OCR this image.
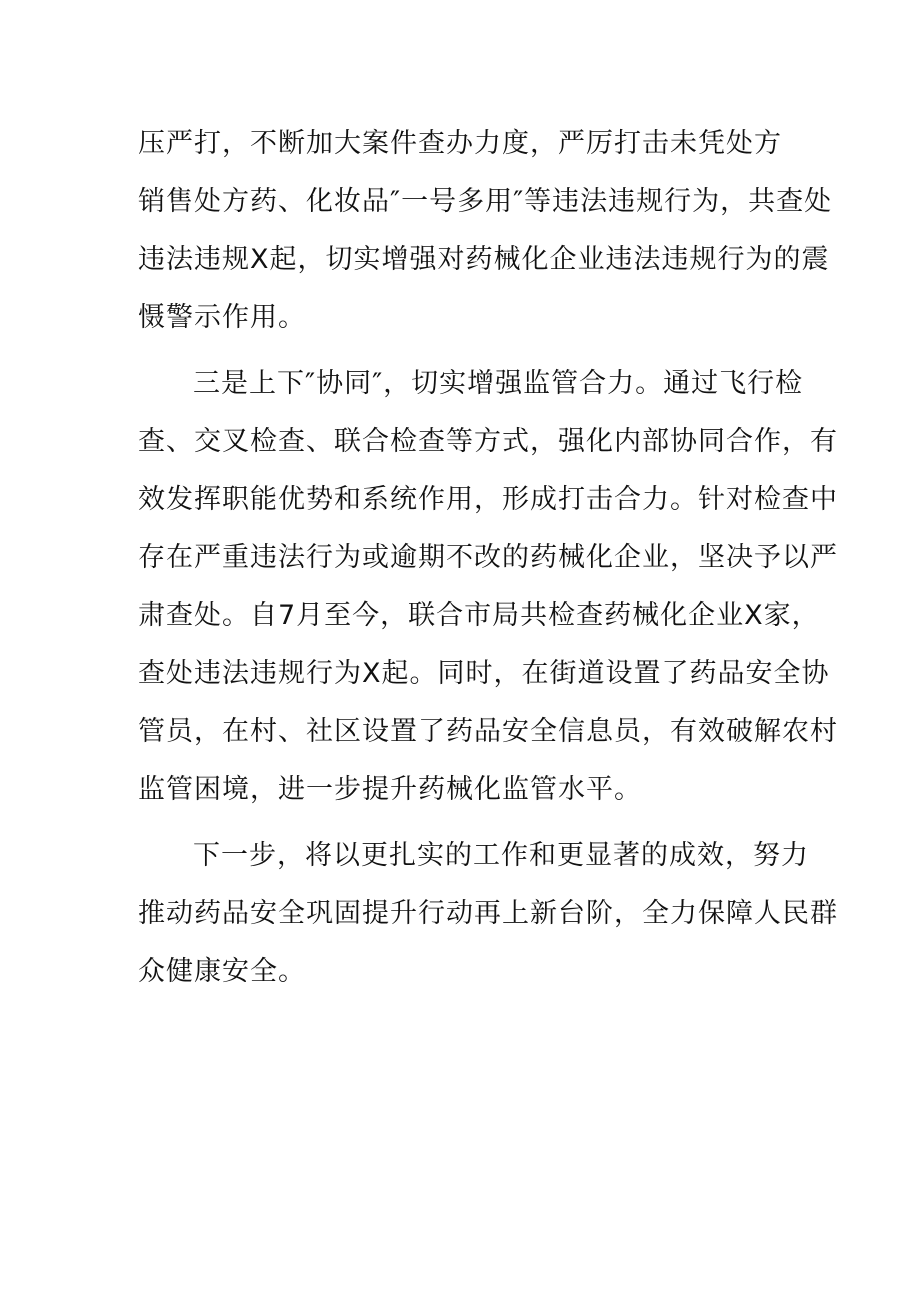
压严打，不断加大案件查办力度，严厉打击未凭处方
销售处方药、化妆品″一号多用″等违法违规行为，共查处
违法违规X起，切实增强对药械化企业违法违规行为的震
慑警示作用。
三是上下″协同″，切实增强监管合力。通过飞行检
查、交叉检查、联合检查等方式，强化内部协同合作，有
效发挥职能优势和系统作用，形成打击合力。针对检查中
存在严重违法行为或逾期不改的药械化企业，坚决予以严
肃查处。自7月至今，联合市局共检查药械化企业X家，
查处违法违规行为X起。同时，在街道设置了药品安全协
管员，在村、社区设置了药品安全信息员，有效破解农村
监管困境，进一步提升药械化监管水平。
下一步，将以更扎实的工作和更显著的成效，努力
推动药品安全巩固提升行动再上新台阶，全力保障人民群
众健康安全。
